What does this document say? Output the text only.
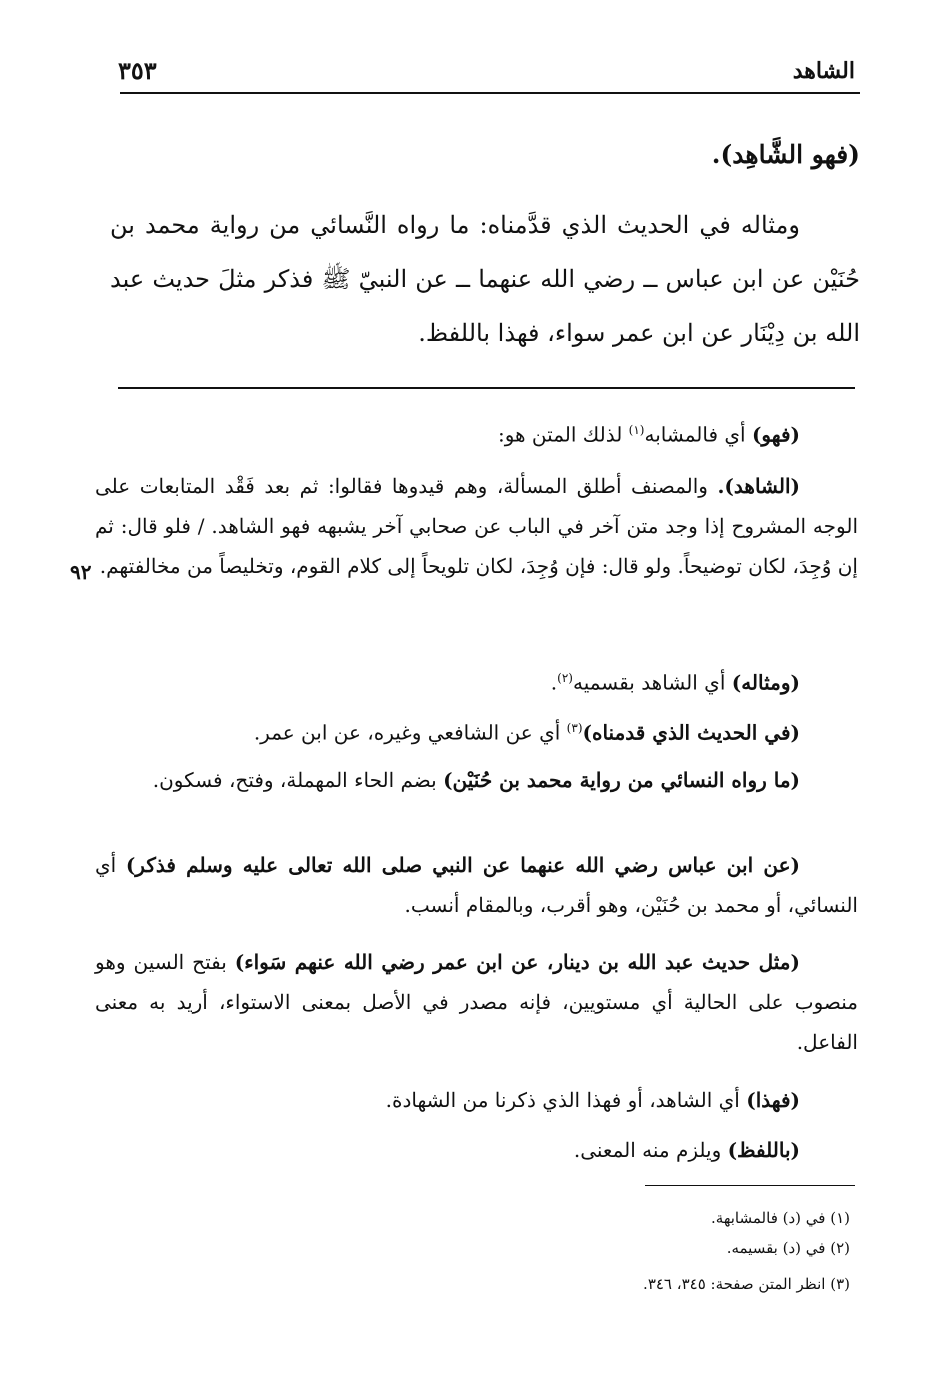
الشاهد
٣٥٣
(فهو الشَّاهِد).
ومثاله في الحديث الذي قدَّمناه: ما رواه النَّسائي من رواية محمد بن حُنَيْن عن ابن عباس ــ رضي الله عنهما ــ عن النبيّ ﷺ فذكر مثلَ حديث عبد الله بن دِيْنَار عن ابن عمر سواء، فهذا باللفظ.
(فهو) أي فالمشابه$^{(١)}$ لذلك المتن هو:
(الشاهد). والمصنف أطلق المسألة، وهم قيدوها فقالوا: ثم بعد فَقْد المتابعات على الوجه المشروح إذا وجد متن آخر في الباب عن صحابي آخر يشبهه فهو الشاهد. / فلو قال: ثم إن وُجِدَ، لكان توضيحاً. ولو قال: فإن وُجِدَ، لكان تلويحاً إلى كلام القوم، وتخليصاً من مخالفتهم.
٩٢
(ومثاله) أي الشاهد بقسميه$^{(٢)}$.
(في الحديث الذي قدمناه)$^{(٣)}$ أي عن الشافعي وغيره، عن ابن عمر.
(ما رواه النسائي من رواية محمد بن حُنَيْن) بضم الحاء المهملة، وفتح، فسكون.
(عن ابن عباس رضي الله عنهما عن النبي صلى الله تعالى عليه وسلم فذكر) أي النسائي، أو محمد بن حُنَيْن، وهو أقرب، وبالمقام أنسب.
(مثل حديث عبد الله بن دينار، عن ابن عمر رضي الله عنهم سَواء) بفتح السين وهو منصوب على الحالية أي مستويين، فإنه مصدر في الأصل بمعنى الاستواء، أريد به معنى الفاعل.
(فهذا) أي الشاهد، أو فهذا الذي ذكرنا من الشهادة.
(باللفظ) ويلزم منه المعنى.
(١) في (د) فالمشابهة.
(٢) في (د) بقسيمه.
(٣) انظر المتن صفحة: ٣٤٥، ٣٤٦.
